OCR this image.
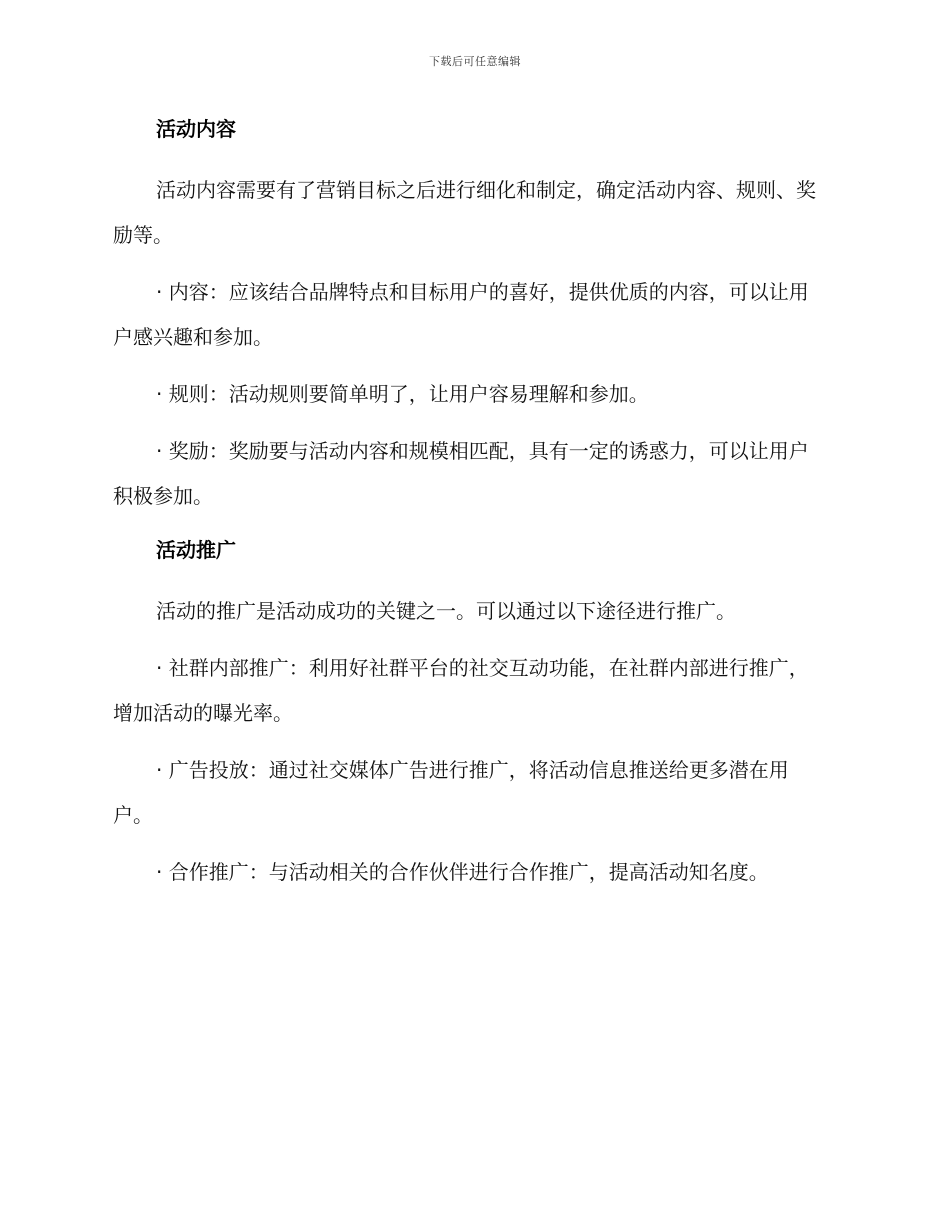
下载后可任意编辑
活动内容

活动内容需要有了营销目标之后进行细化和制定，确定活动内容、规则、奖励等。

· 内容：应该结合品牌特点和目标用户的喜好，提供优质的内容，可以让用户感兴趣和参加。

· 规则：活动规则要简单明了，让用户容易理解和参加。

· 奖励：奖励要与活动内容和规模相匹配，具有一定的诱惑力，可以让用户积极参加。

活动推广

活动的推广是活动成功的关键之一。可以通过以下途径进行推广。

· 社群内部推广：利用好社群平台的社交互动功能，在社群内部进行推广，增加活动的曝光率。

· 广告投放：通过社交媒体广告进行推广，将活动信息推送给更多潜在用户。

· 合作推广：与活动相关的合作伙伴进行合作推广，提高活动知名度。
